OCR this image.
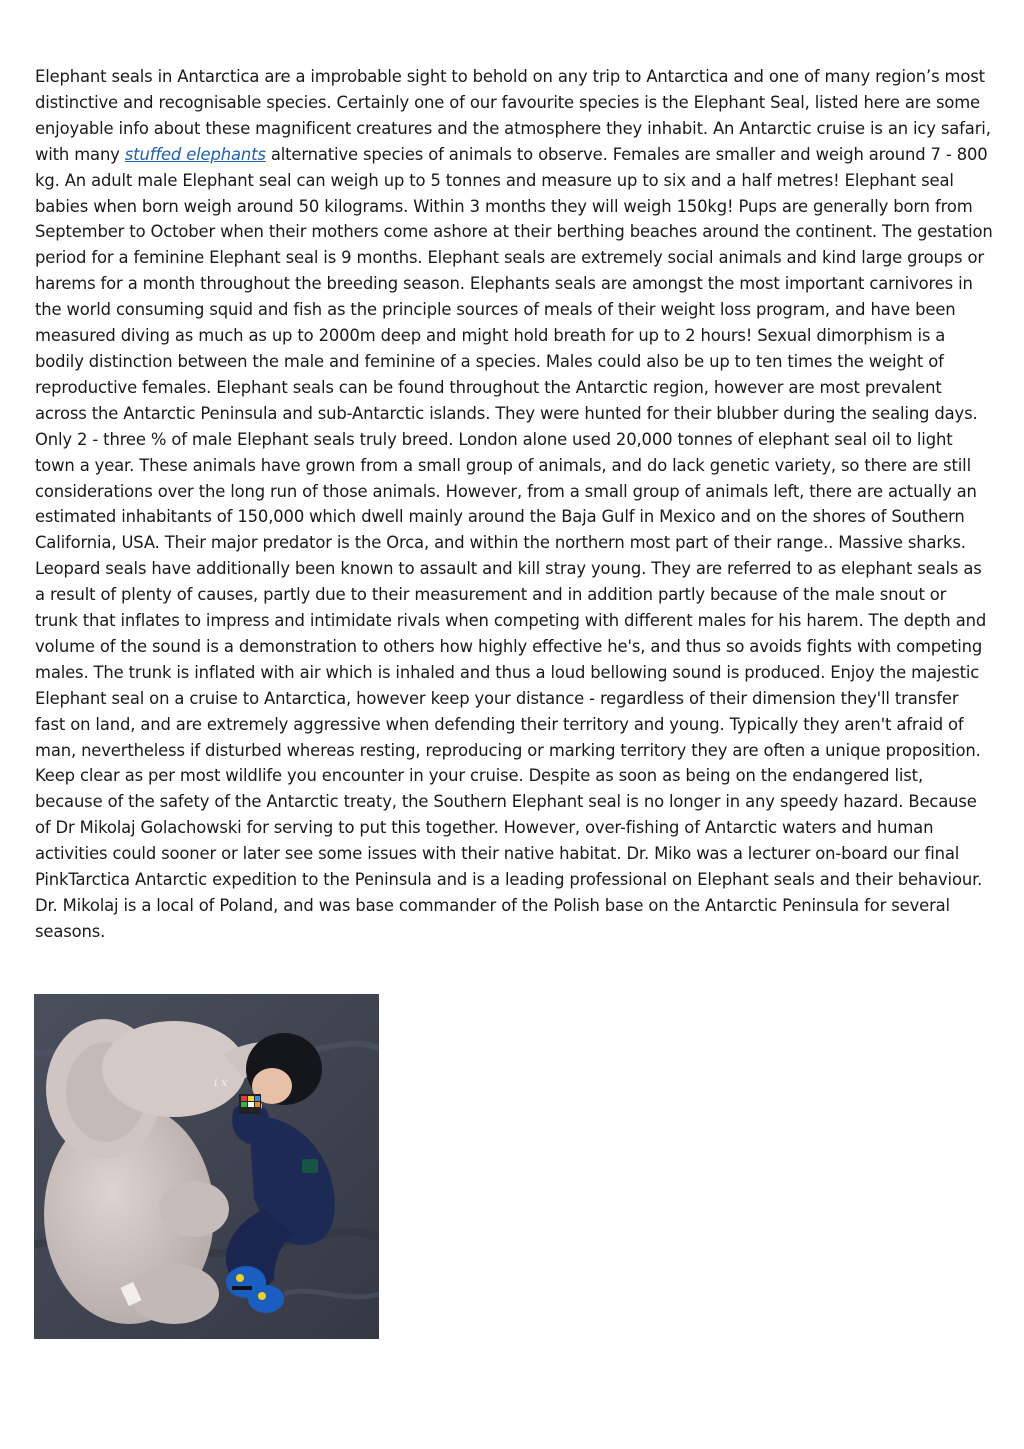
Elephant seals in Antarctica are a improbable sight to behold on any trip to Antarctica and one of many region’s most distinctive and recognisable species. Certainly one of our favourite species is the Elephant Seal, listed here are some enjoyable info about these magnificent creatures and the atmosphere they inhabit. An Antarctic cruise is an icy safari, with many stuffed elephants alternative species of animals to observe. Females are smaller and weigh around 7 - 800 kg. An adult male Elephant seal can weigh up to 5 tonnes and measure up to six and a half metres! Elephant seal babies when born weigh around 50 kilograms. Within 3 months they will weigh 150kg! Pups are generally born from September to October when their mothers come ashore at their berthing beaches around the continent. The gestation period for a feminine Elephant seal is 9 months. Elephant seals are extremely social animals and kind large groups or harems for a month throughout the breeding season. Elephants seals are amongst the most important carnivores in the world consuming squid and fish as the principle sources of meals of their weight loss program, and have been measured diving as much as up to 2000m deep and might hold breath for up to 2 hours! Sexual dimorphism is a bodily distinction between the male and feminine of a species. Males could also be up to ten times the weight of reproductive females. Elephant seals can be found throughout the Antarctic region, however are most prevalent across the Antarctic Peninsula and sub-Antarctic islands. They were hunted for their blubber during the sealing days. Only 2 - three % of male Elephant seals truly breed. London alone used 20,000 tonnes of elephant seal oil to light town a year. These animals have grown from a small group of animals, and do lack genetic variety, so there are still considerations over the long run of those animals. However, from a small group of animals left, there are actually an estimated inhabitants of 150,000 which dwell mainly around the Baja Gulf in Mexico and on the shores of Southern California, USA. Their major predator is the Orca, and within the northern most part of their range.. Massive sharks. Leopard seals have additionally been known to assault and kill stray young. They are referred to as elephant seals as a result of plenty of causes, partly due to their measurement and in addition partly because of the male snout or trunk that inflates to impress and intimidate rivals when competing with different males for his harem. The depth and volume of the sound is a demonstration to others how highly effective he's, and thus so avoids fights with competing males. The trunk is inflated with air which is inhaled and thus a loud bellowing sound is produced. Enjoy the majestic Elephant seal on a cruise to Antarctica, however keep your distance - regardless of their dimension they'll transfer fast on land, and are extremely aggressive when defending their territory and young. Typically they aren't afraid of man, nevertheless if disturbed whereas resting, reproducing or marking territory they are often a unique proposition. Keep clear as per most wildlife you encounter in your cruise. Despite as soon as being on the endangered list, because of the safety of the Antarctic treaty, the Southern Elephant seal is no longer in any speedy hazard. Because of Dr Mikolaj Golachowski for serving to put this together. However, over-fishing of Antarctic waters and human activities could sooner or later see some issues with their native habitat. Dr. Miko was a lecturer on-board our final PinkTarctica Antarctic expedition to the Peninsula and is a leading professional on Elephant seals and their behaviour. Dr. Mikolaj is a local of Poland, and was base commander of the Polish base on the Antarctic Peninsula for several seasons.

i x
